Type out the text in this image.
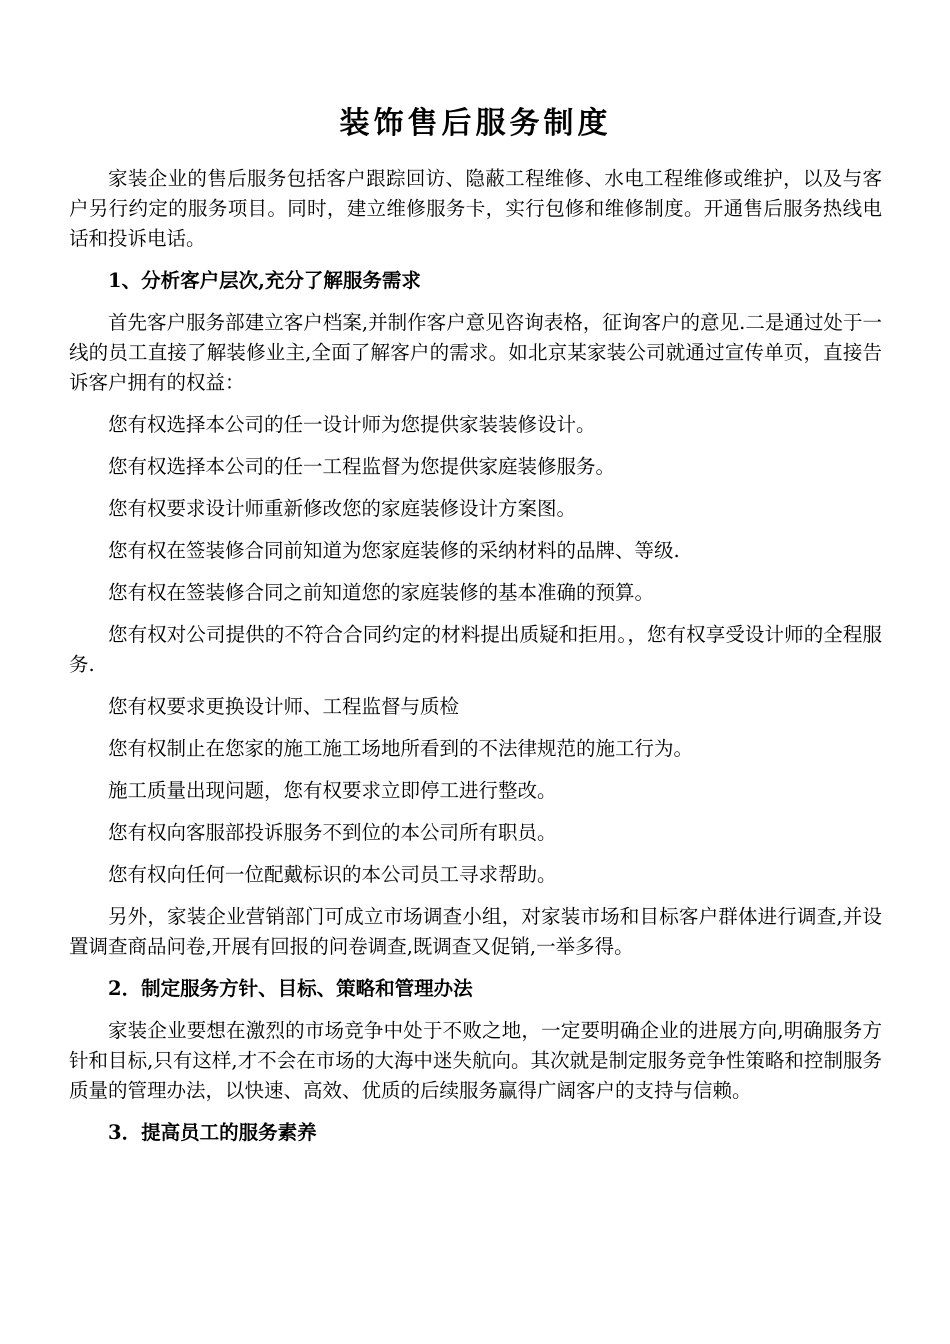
装饰售后服务制度

家装企业的售后服务包括客户跟踪回访、隐蔽工程维修、水电工程维修或维护，以及与客户另行约定的服务项目。同时，建立维修服务卡，实行包修和维修制度。开通售后服务热线电话和投诉电话。

1、分析客户层次,充分了解服务需求

首先客户服务部建立客户档案,并制作客户意见咨询表格，征询客户的意见.二是通过处于一线的员工直接了解装修业主,全面了解客户的需求。如北京某家装公司就通过宣传单页，直接告诉客户拥有的权益：

您有权选择本公司的任一设计师为您提供家装装修设计。

您有权选择本公司的任一工程监督为您提供家庭装修服务。

您有权要求设计师重新修改您的家庭装修设计方案图。

您有权在签装修合同前知道为您家庭装修的采纳材料的品牌、等级.

您有权在签装修合同之前知道您的家庭装修的基本准确的预算。

您有权对公司提供的不符合合同约定的材料提出质疑和拒用。，您有权享受设计师的全程服务.

您有权要求更换设计师、工程监督与质检

您有权制止在您家的施工施工场地所看到的不法律规范的施工行为。

施工质量出现问题，您有权要求立即停工进行整改。

您有权向客服部投诉服务不到位的本公司所有职员。

您有权向任何一位配戴标识的本公司员工寻求帮助。

另外，家装企业营销部门可成立市场调查小组，对家装市场和目标客户群体进行调查,并设置调查商品问卷,开展有回报的问卷调查,既调查又促销,一举多得。

2．制定服务方针、目标、策略和管理办法

家装企业要想在激烈的市场竞争中处于不败之地，一定要明确企业的进展方向,明确服务方针和目标,只有这样,才不会在市场的大海中迷失航向。其次就是制定服务竞争性策略和控制服务质量的管理办法，以快速、高效、优质的后续服务赢得广阔客户的支持与信赖。

3．提高员工的服务素养
